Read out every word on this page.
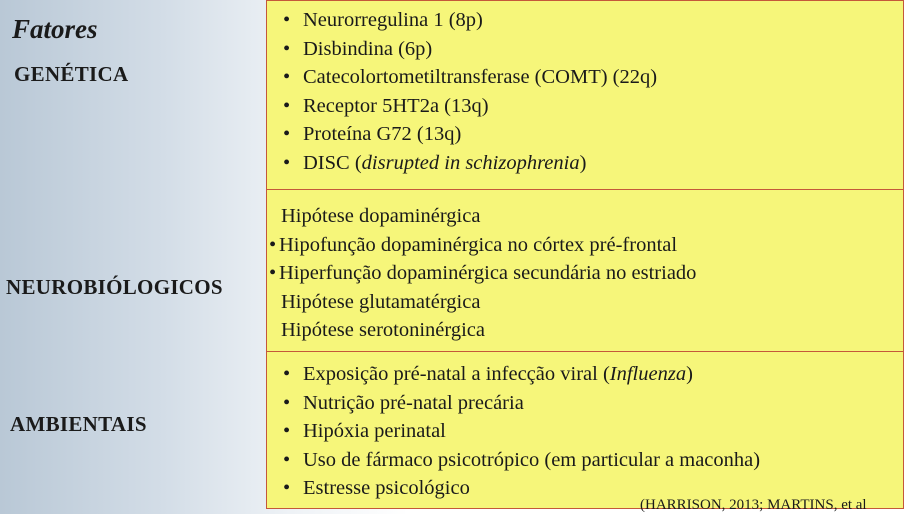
Fatores
GENÉTICA
NEUROBIÓLOGICOS
AMBIENTAIS
• Neurorregulina 1 (8p)
• Disbindina (6p)
• Catecolortometiltransferase (COMT) (22q)
• Receptor 5HT2a (13q)
• Proteína G72 (13q)
• DISC (disrupted in schizophrenia)
Hipótese dopaminérgica
• Hipofunção dopaminérgica no córtex pré-frontal
• Hiperfunção dopaminérgica secundária no estriado
Hipótese glutamatérgica
Hipótese serotoninérgica
• Exposição pré-natal a infecção viral (Influenza)
• Nutrição pré-natal precária
• Hipóxia perinatal
• Uso de fármaco psicotrópico (em particular a maconha)
• Estresse psicológico
(HARRISON, 2013; MARTINS, et al
